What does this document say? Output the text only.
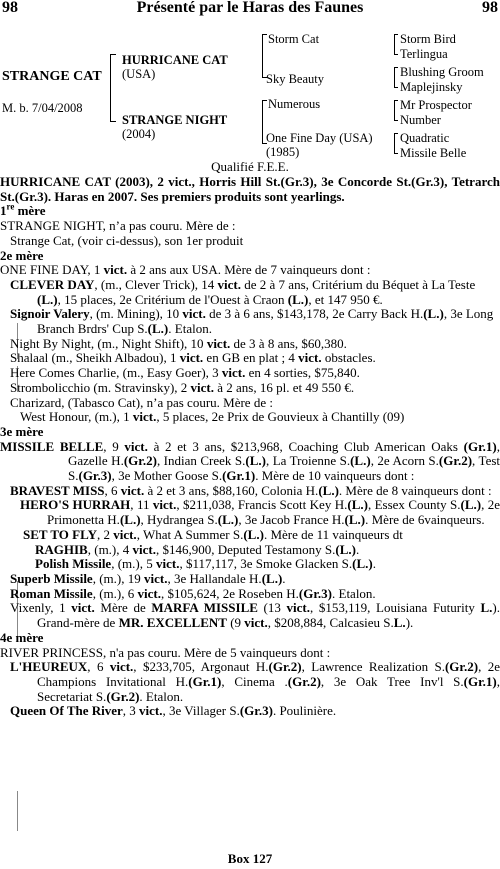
98	Présenté par le Haras des Faunes	98
STRANGE CAT
M. b. 7/04/2008
HURRICANE CAT
(USA)
STRANGE NIGHT
(2004)
Storm Cat
Sky Beauty
Numerous
One Fine Day (USA)
(1985)
Storm Bird
Terlingua
Blushing Groom
Maplejinsky
Mr Prospector
Number
Quadratic
Missile Belle
Qualifié F.E.E.

HURRICANE CAT (2003), 2 vict., Horris Hill St.(Gr.3), 3e Concorde St.(Gr.3), Tetrarch St.(Gr.3). Haras en 2007. Ses premiers produits sont yearlings.

1re mère

STRANGE NIGHT, n’a pas couru. Mère de :

Strange Cat, (voir ci-dessus), son 1er produit

2e mère

ONE FINE DAY, 1 vict. à 2 ans aux USA. Mère de 7 vainqueurs dont :

CLEVER DAY, (m., Clever Trick), 14 vict. de 2 à 7 ans, Critérium du Béquet à La Teste (L.), 15 places, 2e Critérium de l'Ouest à Craon (L.), et 147 950 €.

Signoir Valery, (m. Mining), 10 vict. de 3 à 6 ans, $143,178, 2e Carry Back H.(L.), 3e Long Branch Brdrs' Cup S.(L.). Etalon.

Night By Night, (m., Night Shift), 10 vict. de 3 à 8 ans, $60,380.

Shalaal (m., Sheikh Albadou), 1 vict. en GB en plat ; 4 vict. obstacles.

Here Comes Charlie, (m., Easy Goer), 3 vict. en 4 sorties, $75,840.

Strombolicchio (m. Stravinsky), 2 vict. à 2 ans, 16 pl. et 49 550 €.

Charizard, (Tabasco Cat), n’a pas couru. Mère de :

West Honour, (m.), 1 vict., 5 places, 2e Prix de Gouvieux à Chantilly (09)

3e mère

MISSILE BELLE, 9 vict. à 2 et 3 ans, $213,968, Coaching Club American Oaks (Gr.1), Gazelle H.(Gr.2), Indian Creek S.(L.), La Troienne S.(L.), 2e Acorn S.(Gr.2), Test S.(Gr.3), 3e Mother Goose S.(Gr.1). Mère de 10 vainqueurs dont :

BRAVEST MISS, 6 vict. à 2 et 3 ans, $88,160, Colonia H.(L.). Mère de 8 vainqueurs dont :

HERO'S HURRAH, 11 vict., $211,038, Francis Scott Key H.(L.), Essex County S.(L.), 2e Primonetta H.(L.), Hydrangea S.(L.), 3e Jacob France H.(L.). Mère de 6vainqueurs.

SET TO FLY, 2 vict., What A Summer S.(L.). Mère de 11 vainqueurs dt

RAGHIB, (m.), 4 vict., $146,900, Deputed Testamony S.(L.).

Polish Missile, (m.), 5 vict., $117,117, 3e Smoke Glacken S.(L.).

Superb Missile, (m.), 19 vict., 3e Hallandale H.(L.).

Roman Missile, (m.), 6 vict., $105,624, 2e Roseben H.(Gr.3). Etalon.

Vixenly, 1 vict. Mère de MARFA MISSILE (13 vict., $153,119, Louisiana Futurity L.). Grand-mère de MR. EXCELLENT (9 vict., $208,884, Calcasieu S.L.).

4e mère

RIVER PRINCESS, n'a pas couru. Mère de 5 vainqueurs dont :

L'HEUREUX, 6 vict., $233,705, Argonaut H.(Gr.2), Lawrence Realization S.(Gr.2), 2e Champions Invitational H.(Gr.1), Cinema .(Gr.2), 3e Oak Tree Inv'l S.(Gr.1), Secretariat S.(Gr.2). Etalon.

Queen Of The River, 3 vict., 3e Villager S.(Gr.3). Poulinière.

Box 127
